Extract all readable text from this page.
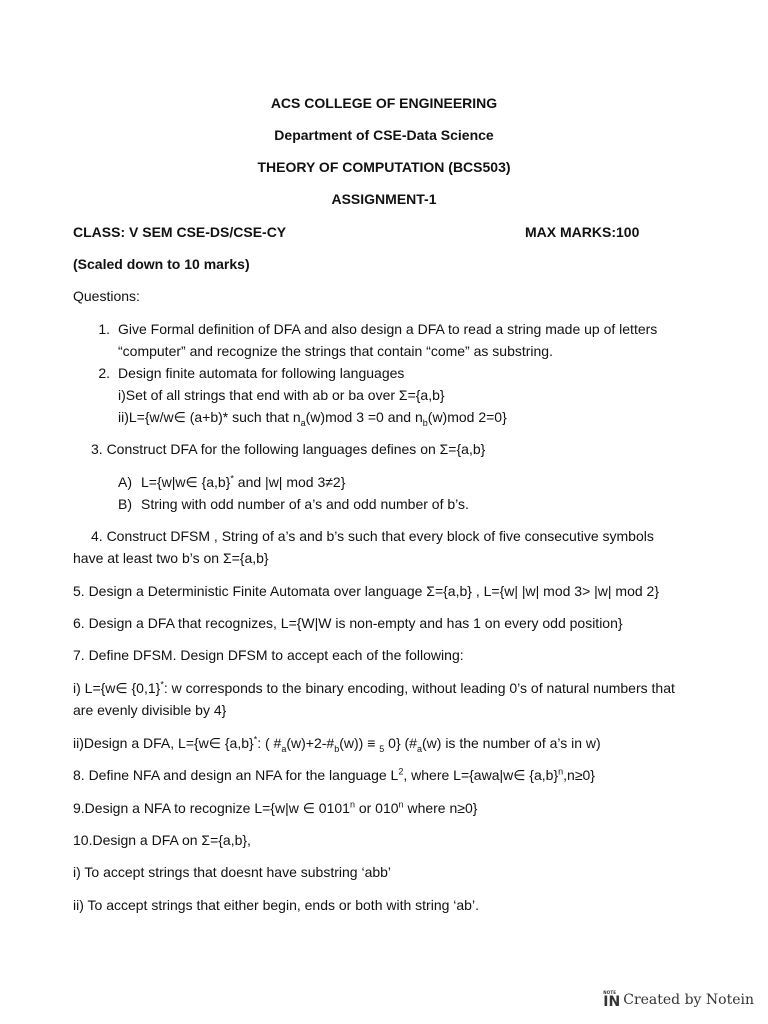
ACS COLLEGE OF ENGINEERING
Department of CSE-Data Science
THEORY OF COMPUTATION (BCS503)
ASSIGNMENT-1
CLASS: V SEM CSE-DS/CSE-CY	MAX MARKS:100
(Scaled down to 10 marks)
Questions:
1. Give Formal definition of DFA and also design a DFA to read a string made up of letters
“computer” and recognize the strings that contain “come” as substring.
2. Design finite automata for following languages
i)Set of all strings that end with ab or ba over Σ={a,b}
ii)L={w/w∈ (a+b)* such that $n_a(w)mod$ 3 =0 and $n_b(w)mod$ 2=0}
3. Construct DFA for the following languages defines on Σ={a,b}
A) L={w|w∈ {a,b}* and |w| mod 3≠2}
B) String with odd number of a’s and odd number of b’s.
4. Construct DFSM , String of a’s and b’s such that every block of five consecutive symbols
have at least two b’s on Σ={a,b}
5. Design a Deterministic Finite Automata over language Σ={a,b} , L={w| |w| mod 3> |w| mod 2}
6. Design a DFA that recognizes, L={W|W is non-empty and has 1 on every odd position}
7. Define DFSM. Design DFSM to accept each of the following:
i) L={w∈ {0,1}*: w corresponds to the binary encoding, without leading 0’s of natural numbers that
are evenly divisible by 4}
ii)Design a DFA, L={w∈ {a,b}*: ( $\#_a(w)+2-\#_b(w)) \equiv _5$ 0} ($\#_a(w)$ is the number of a’s in w)
8. Define NFA and design an NFA for the language $L^2$, where L={awa|w∈ $\{a,b\}^n,n\ge 0$}
9.Design a NFA to recognize L={w|w ∈ 0101$^n$ or 010$^n$ where n≥0}
10.Design a DFA on Σ={a,b},
i) To accept strings that doesnt have substring ‘abb’
ii) To accept strings that either begin, ends or both with string ‘ab’.
NOTE
IN Created by Notein
